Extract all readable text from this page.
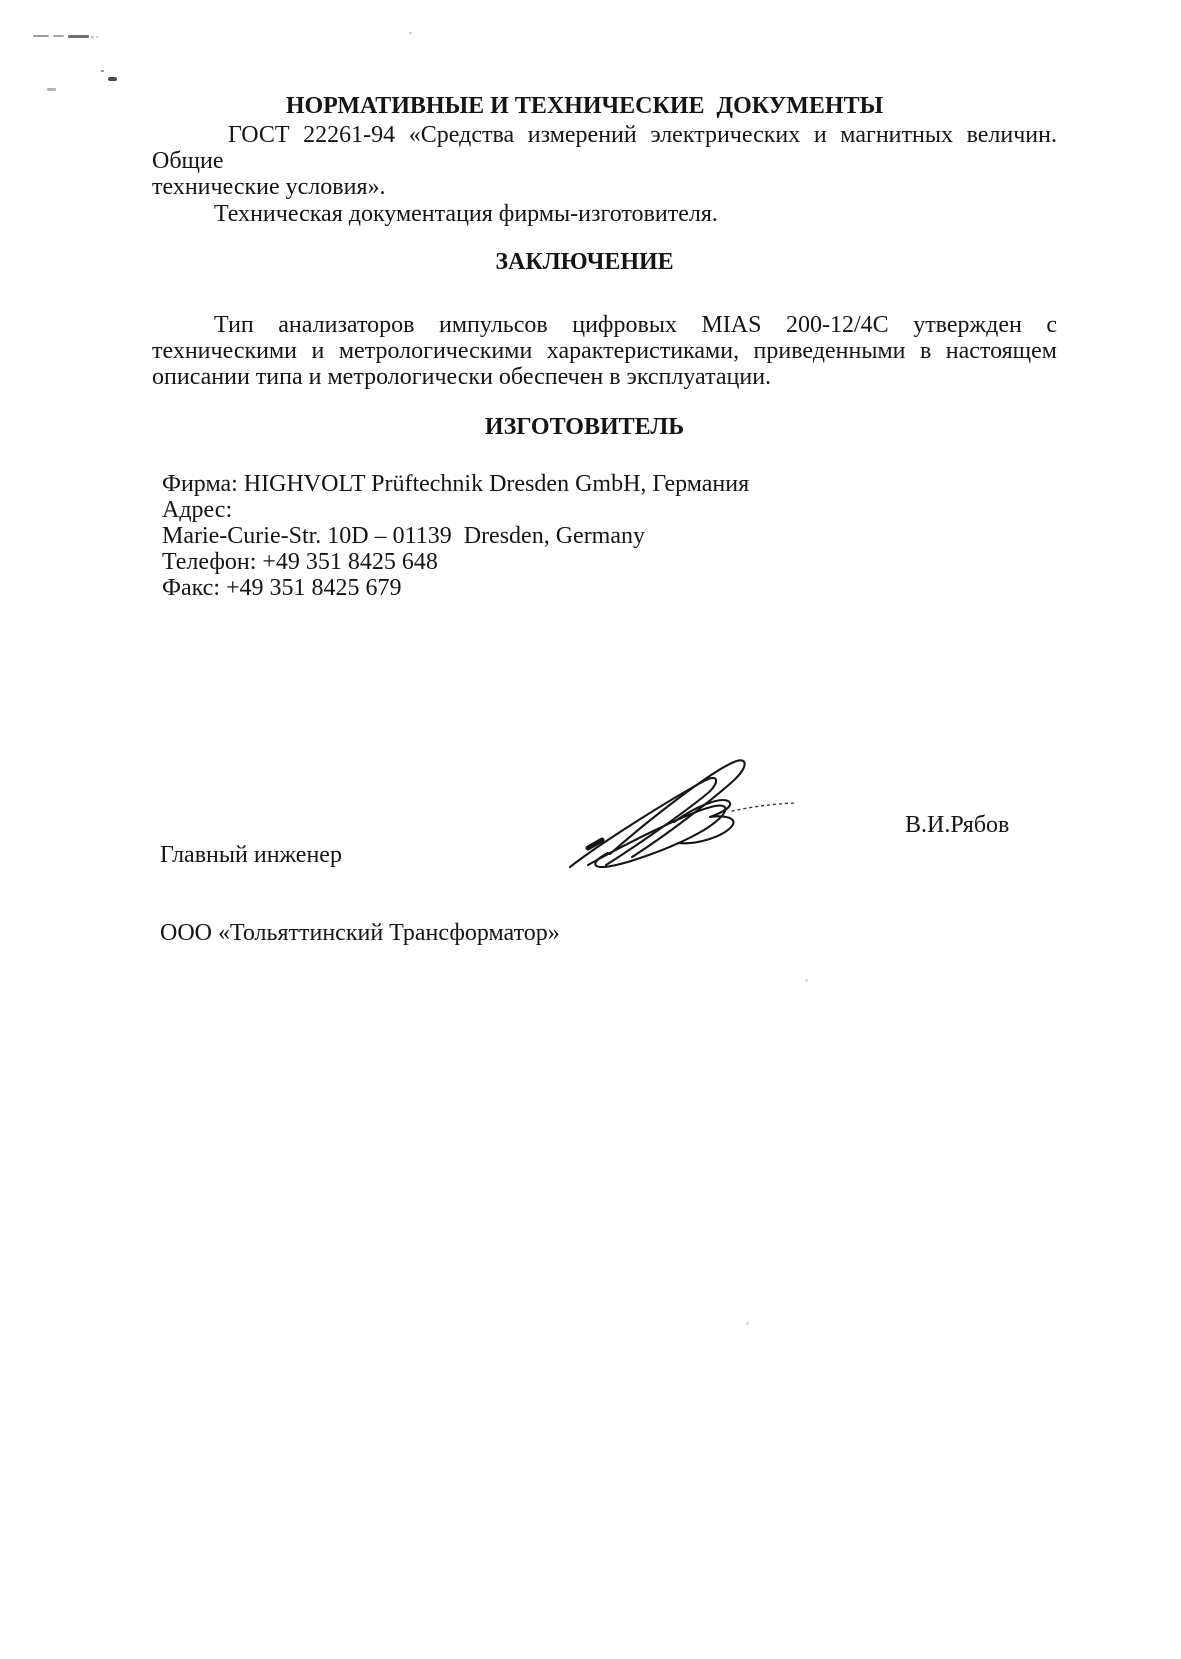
НОРМАТИВНЫЕ И ТЕХНИЧЕСКИЕ  ДОКУМЕНТЫ
ГОСТ 22261-94 «Средства измерений электрических и магнитных величин. Общие
технические условия».
Техническая документация фирмы-изготовителя.
ЗАКЛЮЧЕНИЕ
Тип анализаторов импульсов цифровых MIAS 200-12/4C утвержден с
техническими и метрологическими характеристиками, приведенными в настоящем
описании типа и метрологически обеспечен в эксплуатации.
ИЗГОТОВИТЕЛЬ
Фирма: HIGHVOLT Prüftechnik Dresden GmbH, Германия
Адрес:
Marie-Curie-Str. 10D – 01139  Dresden, Germany
Телефон: +49 351 8425 648
Факс: +49 351 8425 679

Главный инженер

ООО «Тольяттинский Трансформатор»

В.И.Рябов
